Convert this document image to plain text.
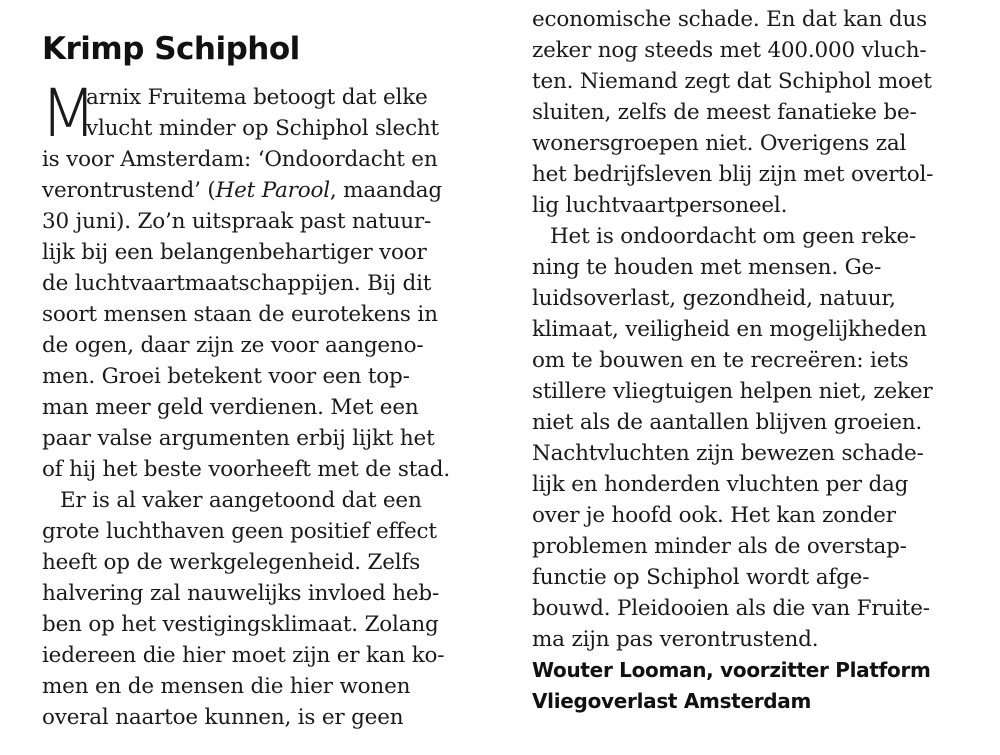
Krimp Schiphol
M
arnix Fruitema betoogt dat elke
vlucht minder op Schiphol slecht
is voor Amsterdam: ‘Ondoordacht en
verontrustend’ (Het Parool, maandag
30 juni). Zo’n uitspraak past natuur-
lijk bij een belangenbehartiger voor
de luchtvaartmaatschappijen. Bij dit
soort mensen staan de eurotekens in
de ogen, daar zijn ze voor aangeno-
men. Groei betekent voor een top-
man meer geld verdienen. Met een
paar valse argumenten erbij lijkt het
of hij het beste voorheeft met de stad.
Er is al vaker aangetoond dat een
grote luchthaven geen positief effect
heeft op de werkgelegenheid. Zelfs
halvering zal nauwelijks invloed heb-
ben op het vestigingsklimaat. Zolang
iedereen die hier moet zijn er kan ko-
men en de mensen die hier wonen
overal naartoe kunnen, is er geen
economische schade. En dat kan dus
zeker nog steeds met 400.000 vluch-
ten. Niemand zegt dat Schiphol moet
sluiten, zelfs de meest fanatieke be-
wonersgroepen niet. Overigens zal
het bedrijfsleven blij zijn met overtol-
lig luchtvaartpersoneel.
Het is ondoordacht om geen reke-
ning te houden met mensen. Ge-
luidsoverlast, gezondheid, natuur,
klimaat, veiligheid en mogelijkheden
om te bouwen en te recreëren: iets
stillere vliegtuigen helpen niet, zeker
niet als de aantallen blijven groeien.
Nachtvluchten zijn bewezen schade-
lijk en honderden vluchten per dag
over je hoofd ook. Het kan zonder
problemen minder als de overstap-
functie op Schiphol wordt afge-
bouwd. Pleidooien als die van Fruite-
ma zijn pas verontrustend.
Wouter Looman, voorzitter Platform
Vliegoverlast Amsterdam
